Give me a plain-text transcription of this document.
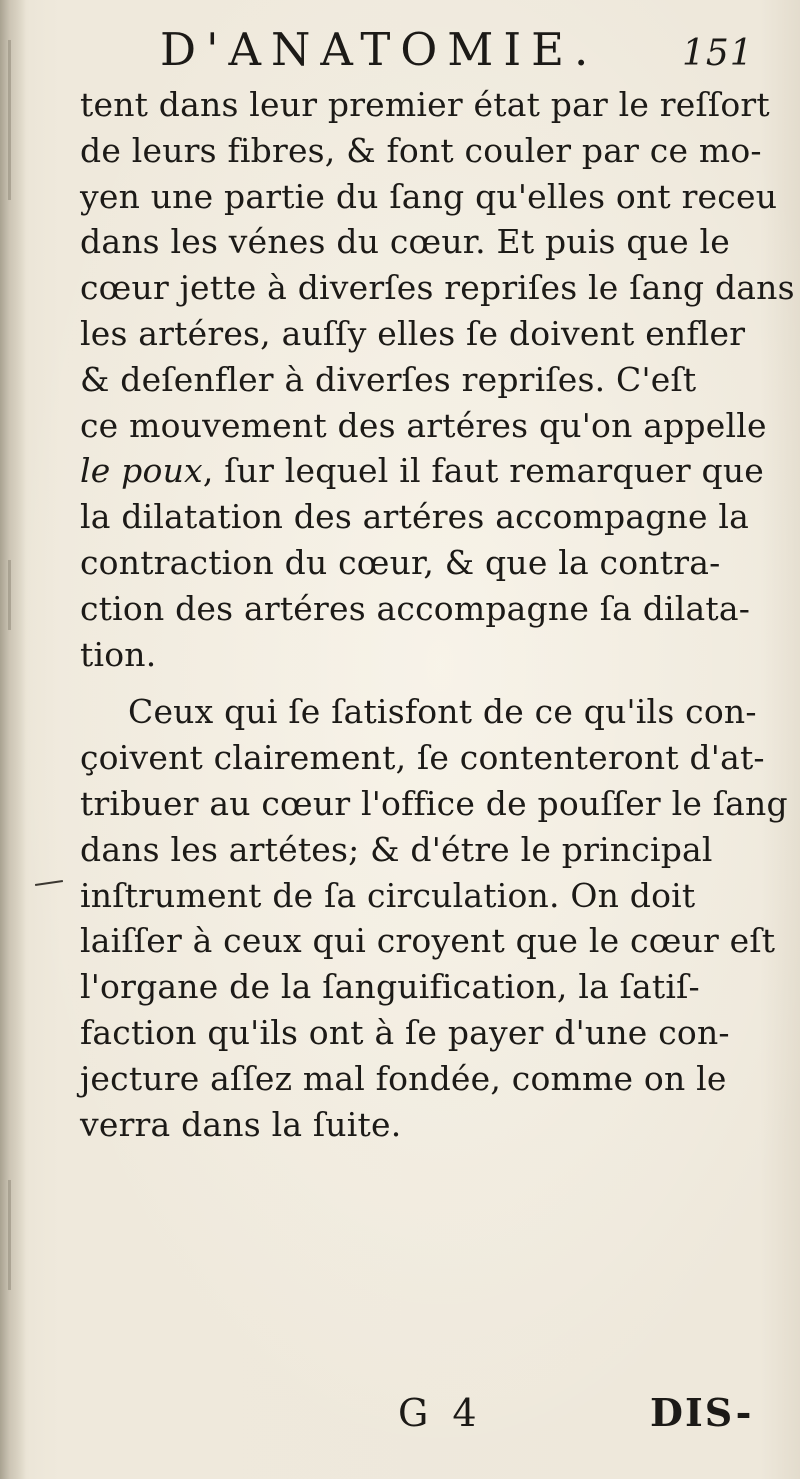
D'ANATOMIE. 151
tent dans leur premier état par le reſſort
de leurs fibres, & font couler par ce mo-
yen une partie du ſang qu'elles ont receu
dans les vénes du cœur. Et puis que le
cœur jette à diverſes repriſes le ſang dans
les artéres, auſſy elles ſe doivent enfler
& deſenfler à diverſes repriſes. C'eſt
ce mouvement des artéres qu'on appelle
le poux, ſur lequel il faut remarquer que
la dilatation des artéres accompagne la
contraction du cœur, & que la contra-
ction des artéres accompagne ſa dilata-
tion.
Ceux qui ſe ſatisfont de ce qu'ils con-
çoivent clairement, ſe contenteront d'at-
tribuer au cœur l'office de pouſſer le ſang
dans les artétes; & d'étre le principal
inſtrument de ſa circulation. On doit
laiſſer à ceux qui croyent que le cœur eſt
l'organe de la ſanguification, la ſatiſ-
faction qu'ils ont à ſe payer d'une con-
jecture aſſez mal fondée, comme on le
verra dans la ſuite.
G 4	DIS-
